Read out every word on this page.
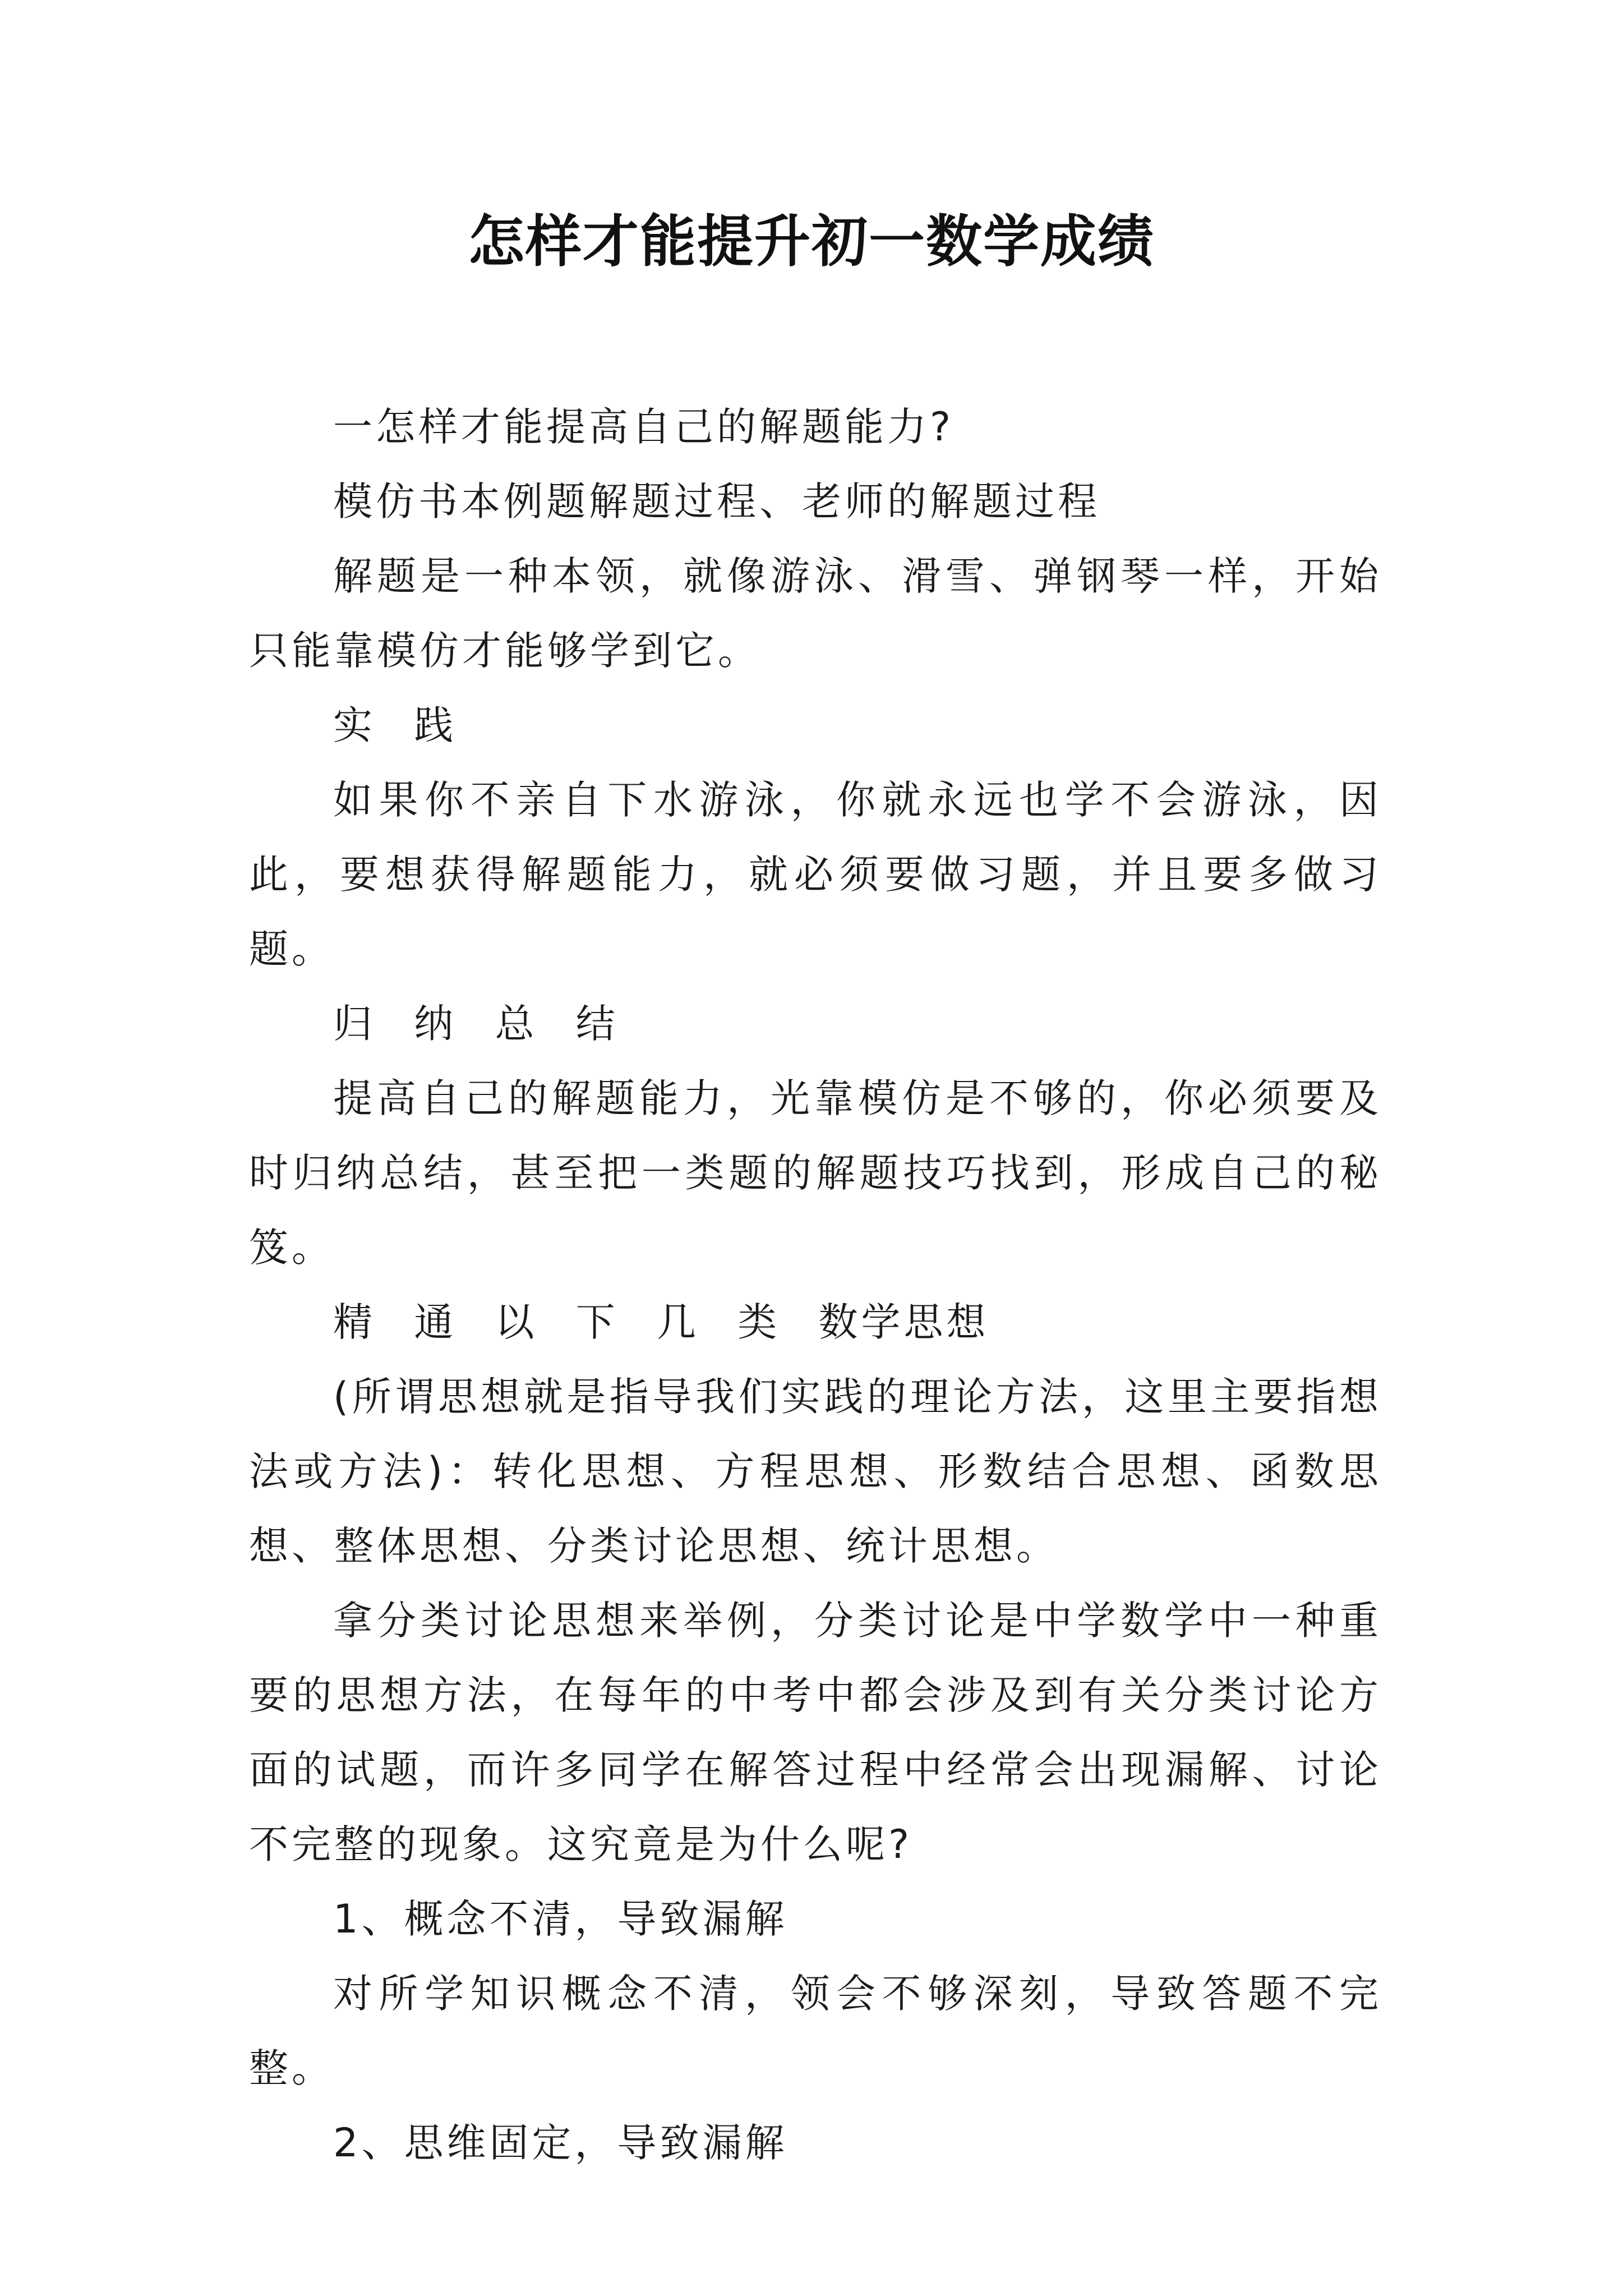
怎样才能提升初一数学成绩

一怎样才能提高自己的解题能力?

模仿书本例题解题过程、老师的解题过程

解题是一种本领，就像游泳、滑雪、弹钢琴一样，开始只能靠模仿才能够学到它。

实 践

如果你不亲自下水游泳，你就永远也学不会游泳，因此，要想获得解题能力，就必须要做习题，并且要多做习题。

归 纳 总 结

提高自己的解题能力，光靠模仿是不够的，你必须要及时归纳总结，甚至把一类题的解题技巧找到，形成自己的秘笈。

精 通 以 下 几 类 数学思想

(所谓思想就是指导我们实践的理论方法，这里主要指想法或方法)：转化思想、方程思想、形数结合思想、函数思想、整体思想、分类讨论思想、统计思想。

拿分类讨论思想来举例，分类讨论是中学数学中一种重要的思想方法，在每年的中考中都会涉及到有关分类讨论方面的试题，而许多同学在解答过程中经常会出现漏解、讨论不完整的现象。这究竟是为什么呢?

1、概念不清，导致漏解

对所学知识概念不清，领会不够深刻，导致答题不完整。

2、思维固定，导致漏解
